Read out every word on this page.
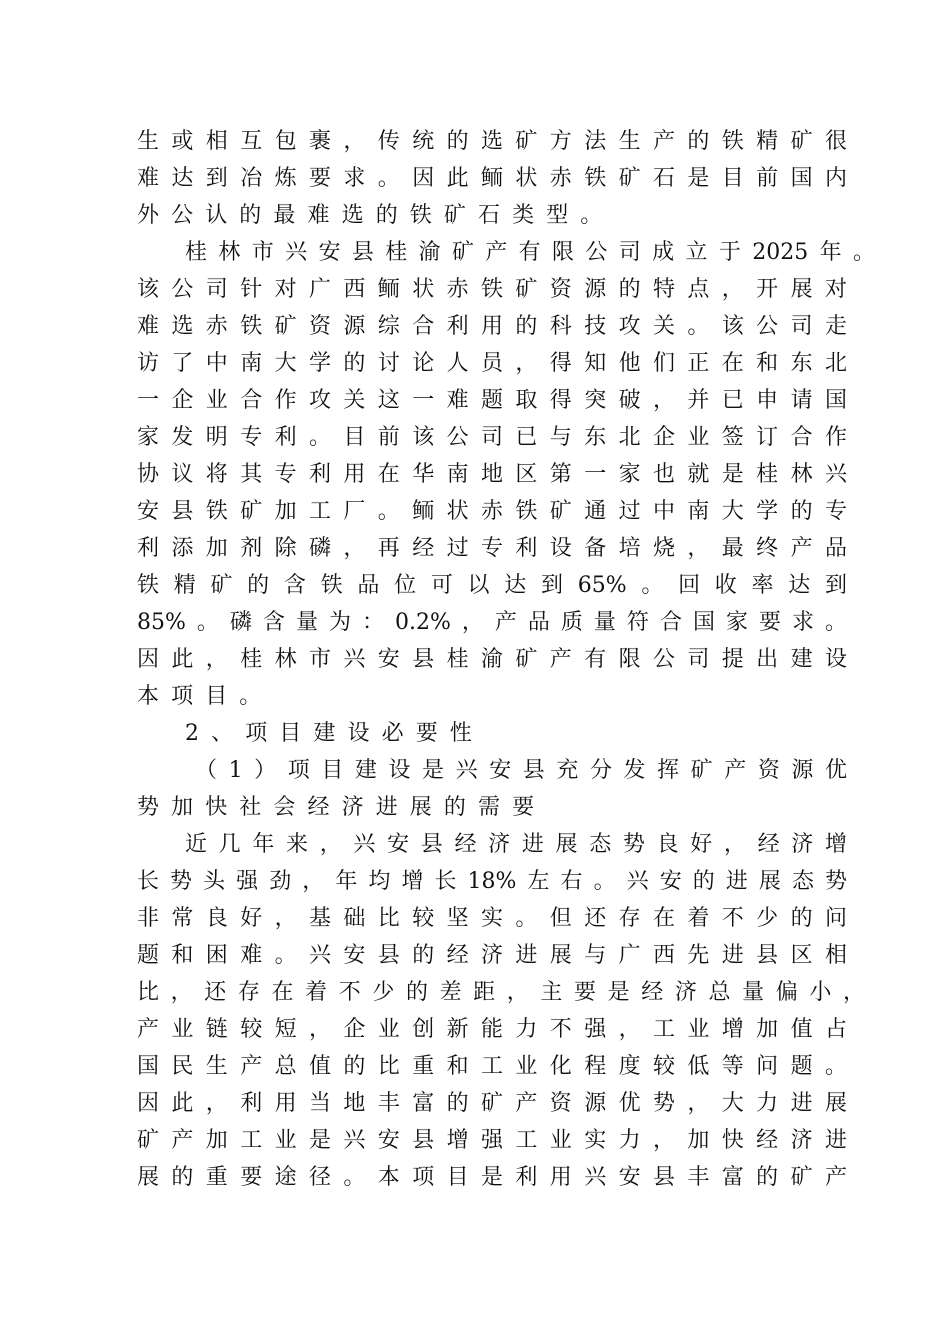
生或相互包裹，传统的选矿方法生产的铁精矿很
难达到冶炼要求。因此鲕状赤铁矿石是目前国内
外公认的最难选的铁矿石类型。
桂林市兴安县桂渝矿产有限公司成立于2025年。
该公司针对广西鲕状赤铁矿资源的特点，开展对
难选赤铁矿资源综合利用的科技攻关。该公司走
访了中南大学的讨论人员，得知他们正在和东北
一企业合作攻关这一难题取得突破，并已申请国
家发明专利。目前该公司已与东北企业签订合作
协议将其专利用在华南地区第一家也就是桂林兴
安县铁矿加工厂。鲕状赤铁矿通过中南大学的专
利添加剂除磷，再经过专利设备培烧，最终产品
铁精矿的含铁品位可以达到65%。回收率达到
85%。磷含量为：0.2%，产品质量符合国家要求。
因此，桂林市兴安县桂渝矿产有限公司提出建设
本项目。
2、项目建设必要性
（1）项目建设是兴安县充分发挥矿产资源优
势加快社会经济进展的需要
近几年来，兴安县经济进展态势良好，经济增
长势头强劲，年均增长18%左右。兴安的进展态势
非常良好，基础比较坚实。但还存在着不少的问
题和困难。兴安县的经济进展与广西先进县区相
比，还存在着不少的差距，主要是经济总量偏小，
产业链较短，企业创新能力不强，工业增加值占
国民生产总值的比重和工业化程度较低等问题。
因此，利用当地丰富的矿产资源优势，大力进展
矿产加工业是兴安县增强工业实力，加快经济进
展的重要途径。本项目是利用兴安县丰富的矿产
